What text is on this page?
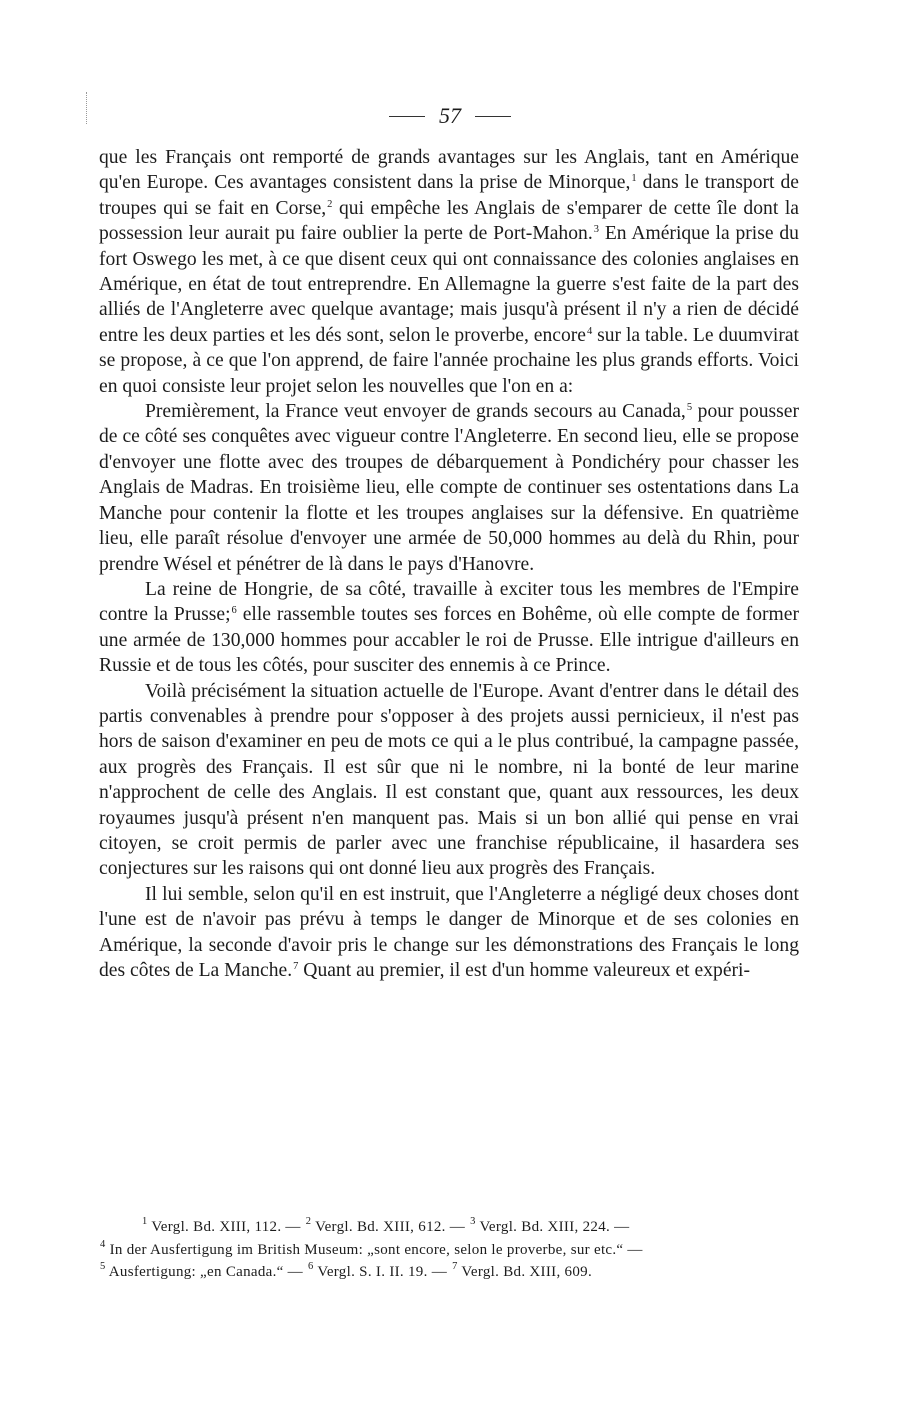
57

que les Français ont remporté de grands avantages sur les Anglais, tant en Amérique qu'en Europe. Ces avantages consistent dans la prise de Minorque,$^1$ dans le transport de troupes qui se fait en Corse,$^2$ qui empêche les Anglais de s'emparer de cette île dont la possession leur aurait pu faire oublier la perte de Port-Mahon.$^3$ En Amérique la prise du fort Oswego les met, à ce que disent ceux qui ont connaissance des colonies anglaises en Amérique, en état de tout entreprendre. En Allemagne la guerre s'est faite de la part des alliés de l'Angleterre avec quelque avantage; mais jusqu'à présent il n'y a rien de décidé entre les deux parties et les dés sont, selon le proverbe, encore$^4$ sur la table. Le duumvirat se propose, à ce que l'on apprend, de faire l'année prochaine les plus grands efforts. Voici en quoi consiste leur projet selon les nouvelles que l'on en a:

Premièrement, la France veut envoyer de grands secours au Canada,$^5$ pour pousser de ce côté ses conquêtes avec vigueur contre l'Angleterre. En second lieu, elle se propose d'envoyer une flotte avec des troupes de débarquement à Pondichéry pour chasser les Anglais de Madras. En troisième lieu, elle compte de continuer ses ostentations dans La Manche pour contenir la flotte et les troupes anglaises sur la défensive. En quatrième lieu, elle paraît résolue d'envoyer une armée de 50,000 hommes au delà du Rhin, pour prendre Wésel et pénétrer de là dans le pays d'Hanovre.

La reine de Hongrie, de sa côté, travaille à exciter tous les membres de l'Empire contre la Prusse;$^6$ elle rassemble toutes ses forces en Bohême, où elle compte de former une armée de 130,000 hommes pour accabler le roi de Prusse. Elle intrigue d'ailleurs en Russie et de tous les côtés, pour susciter des ennemis à ce Prince.

Voilà précisément la situation actuelle de l'Europe. Avant d'entrer dans le détail des partis convenables à prendre pour s'opposer à des projets aussi pernicieux, il n'est pas hors de saison d'examiner en peu de mots ce qui a le plus contribué, la campagne passée, aux progrès des Français. Il est sûr que ni le nombre, ni la bonté de leur marine n'approchent de celle des Anglais. Il est constant que, quant aux ressources, les deux royaumes jusqu'à présent n'en manquent pas. Mais si un bon allié qui pense en vrai citoyen, se croit permis de parler avec une franchise républicaine, il hasardera ses conjectures sur les raisons qui ont donné lieu aux progrès des Français.

Il lui semble, selon qu'il en est instruit, que l'Angleterre a négligé deux choses dont l'une est de n'avoir pas prévu à temps le danger de Minorque et de ses colonies en Amérique, la seconde d'avoir pris le change sur les démonstrations des Français le long des côtes de La Manche.$^7$ Quant au premier, il est d'un homme valeureux et expéri-

$^1$ Vergl. Bd. XIII, 112. — $^2$ Vergl. Bd. XIII, 612. — $^3$ Vergl. Bd. XIII, 224. —

$^4$ In der Ausfertigung im British Museum: „sont encore, selon le proverbe, sur etc.“ —

$^5$ Ausfertigung: „en Canada.“ — $^6$ Vergl. S. I. II. 19. — $^7$ Vergl. Bd. XIII, 609.
